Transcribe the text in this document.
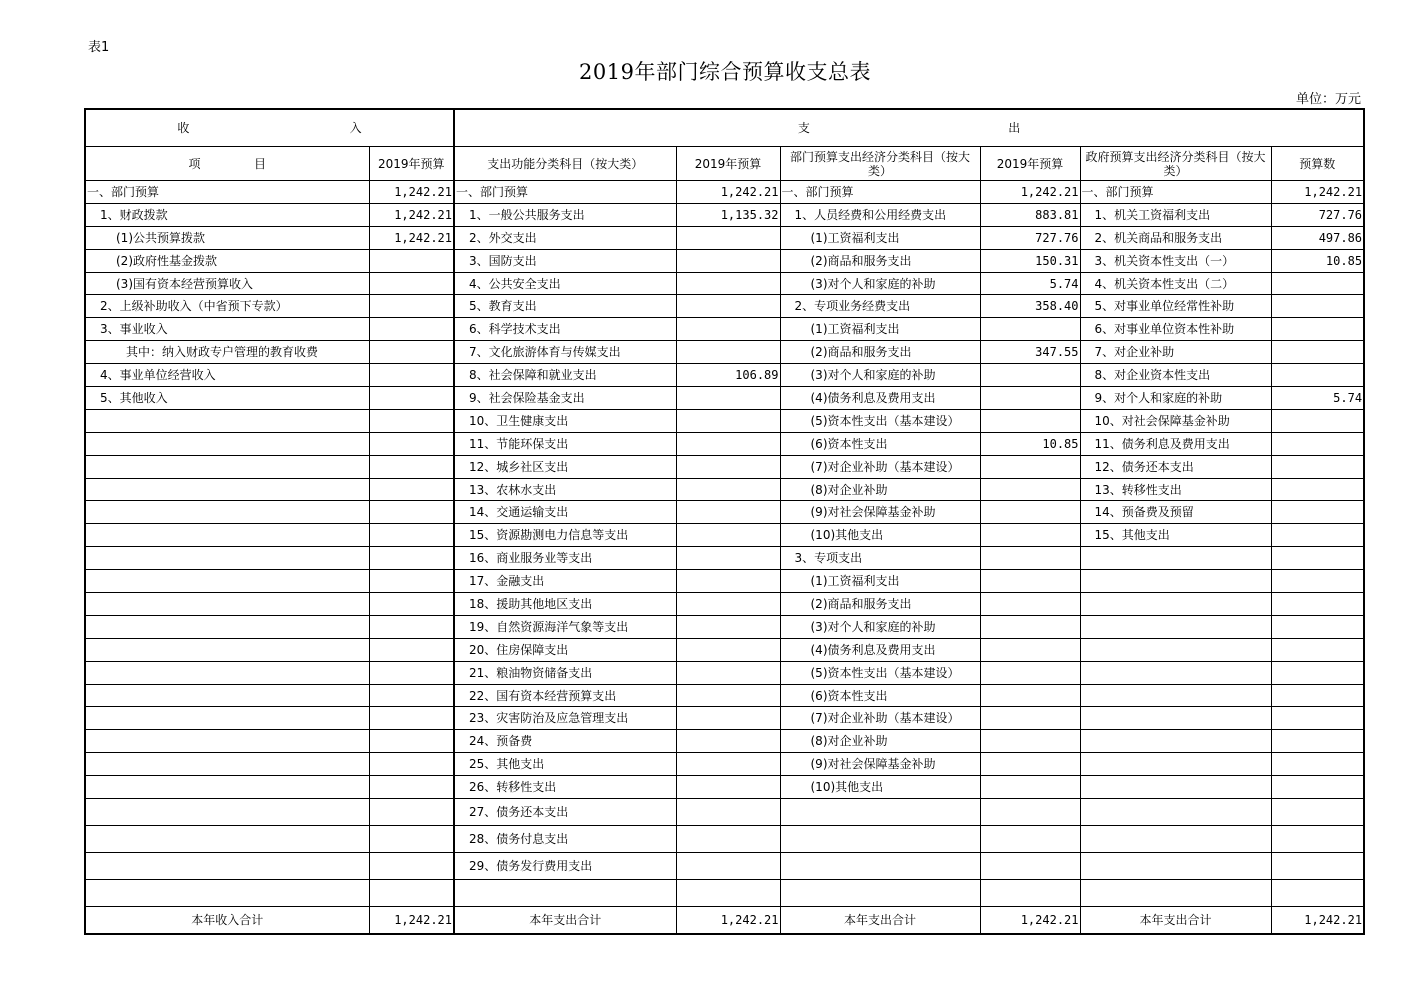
表1
2019年部门综合预算收支总表
单位：万元
收                                          入		支                                                    出					
项              目	2019年预算	支出功能分类科目（按大类）	2019年预算	部门预算支出经济分类科目（按大类）	2019年预算	政府预算支出经济分类科目（按大类）	预算数
一、部门预算	1,242.21	一、部门预算	1,242.21	一、部门预算	1,242.21	一、部门预算	1,242.21
1、财政拨款	1,242.21	1、一般公共服务支出	1,135.32	1、人员经费和公用经费支出	883.81	1、机关工资福利支出	727.76
(1)公共预算拨款	1,242.21	2、外交支出		(1)工资福利支出	727.76	2、机关商品和服务支出	497.86
(2)政府性基金拨款		3、国防支出		(2)商品和服务支出	150.31	3、机关资本性支出（一）	10.85
(3)国有资本经营预算收入		4、公共安全支出		(3)对个人和家庭的补助	5.74	4、机关资本性支出（二）	
2、上级补助收入（中省预下专款）		5、教育支出		2、专项业务经费支出	358.40	5、对事业单位经常性补助	
3、事业收入		6、科学技术支出		(1)工资福利支出		6、对事业单位资本性补助	
其中：纳入财政专户管理的教育收费		7、文化旅游体育与传媒支出		(2)商品和服务支出	347.55	7、对企业补助	
4、事业单位经营收入		8、社会保障和就业支出	106.89	(3)对个人和家庭的补助		8、对企业资本性支出	
5、其他收入		9、社会保险基金支出		(4)债务利息及费用支出		9、对个人和家庭的补助	5.74
		10、卫生健康支出		(5)资本性支出（基本建设）		10、对社会保障基金补助	
		11、节能环保支出		(6)资本性支出	10.85	11、债务利息及费用支出	
		12、城乡社区支出		(7)对企业补助（基本建设）		12、债务还本支出	
		13、农林水支出		(8)对企业补助		13、转移性支出	
		14、交通运输支出		(9)对社会保障基金补助		14、预备费及预留	
		15、资源勘测电力信息等支出		(10)其他支出		15、其他支出	
		16、商业服务业等支出		3、专项支出			
		17、金融支出		(1)工资福利支出			
		18、援助其他地区支出		(2)商品和服务支出			
		19、自然资源海洋气象等支出		(3)对个人和家庭的补助			
		20、住房保障支出		(4)债务利息及费用支出			
		21、粮油物资储备支出		(5)资本性支出（基本建设）			
		22、国有资本经营预算支出		(6)资本性支出			
		23、灾害防治及应急管理支出		(7)对企业补助（基本建设）			
		24、预备费		(8)对企业补助			
		25、其他支出		(9)对社会保障基金补助			
		26、转移性支出		(10)其他支出			
		27、债务还本支出					
		28、债务付息支出					
		29、债务发行费用支出					

本年收入合计	1,242.21	本年支出合计	1,242.21	本年支出合计	1,242.21	本年支出合计	1,242.21
